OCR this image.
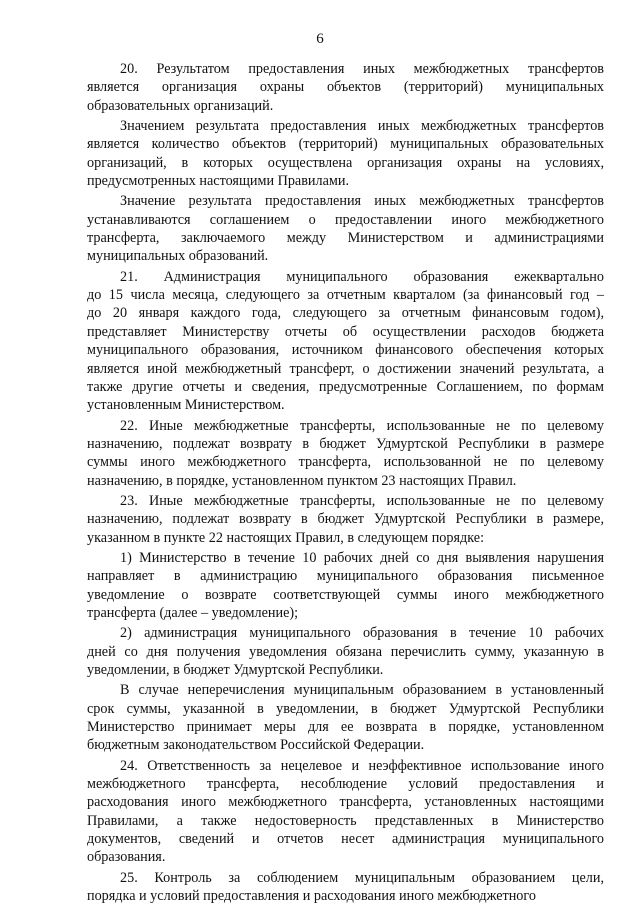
6
20. Результатом предоставления иных межбюджетных трансфертов
является организация охраны объектов (территорий) муниципальных
образовательных организаций.
Значением результата предоставления иных межбюджетных трансфертов
является количество объектов (территорий) муниципальных образовательных
организаций, в которых осуществлена организация охраны на условиях,
предусмотренных настоящими Правилами.
Значение результата предоставления иных межбюджетных трансфертов
устанавливаются соглашением о предоставлении иного межбюджетного
трансферта, заключаемого между Министерством и администрациями
муниципальных образований.
21. Администрация муниципального образования ежеквартально
до 15 числа месяца, следующего за отчетным кварталом (за финансовый год –
до 20 января каждого года, следующего за отчетным финансовым годом),
представляет Министерству отчеты об осуществлении расходов бюджета
муниципального образования, источником финансового обеспечения которых
является иной межбюджетный трансферт, о достижении значений результата, а
также другие отчеты и сведения, предусмотренные Соглашением, по формам
установленным Министерством.
22. Иные межбюджетные трансферты, использованные не по целевому
назначению, подлежат возврату в бюджет Удмуртской Республики в размере
суммы иного межбюджетного трансферта, использованной не по целевому
назначению, в порядке, установленном пунктом 23 настоящих Правил.
23. Иные межбюджетные трансферты, использованные не по целевому
назначению, подлежат возврату в бюджет Удмуртской Республики в размере,
указанном в пункте 22 настоящих Правил, в следующем порядке:
1) Министерство в течение 10 рабочих дней со дня выявления нарушения
направляет в администрацию муниципального образования письменное
уведомление о возврате соответствующей суммы иного межбюджетного
трансферта (далее – уведомление);
2) администрация муниципального образования в течение 10 рабочих
дней со дня получения уведомления обязана перечислить сумму, указанную в
уведомлении, в бюджет Удмуртской Республики.
В случае неперечисления муниципальным образованием в установленный
срок суммы, указанной в уведомлении, в бюджет Удмуртской Республики
Министерство принимает меры для ее возврата в порядке, установленном
бюджетным законодательством Российской Федерации.
24. Ответственность за нецелевое и неэффективное использование иного
межбюджетного трансферта, несоблюдение условий предоставления и
расходования иного межбюджетного трансферта, установленных настоящими
Правилами, а также недостоверность представленных в Министерство
документов, сведений и отчетов несет администрация муниципального
образования.
25. Контроль за соблюдением муниципальным образованием цели,
порядка и условий предоставления и расходования иного межбюджетного
